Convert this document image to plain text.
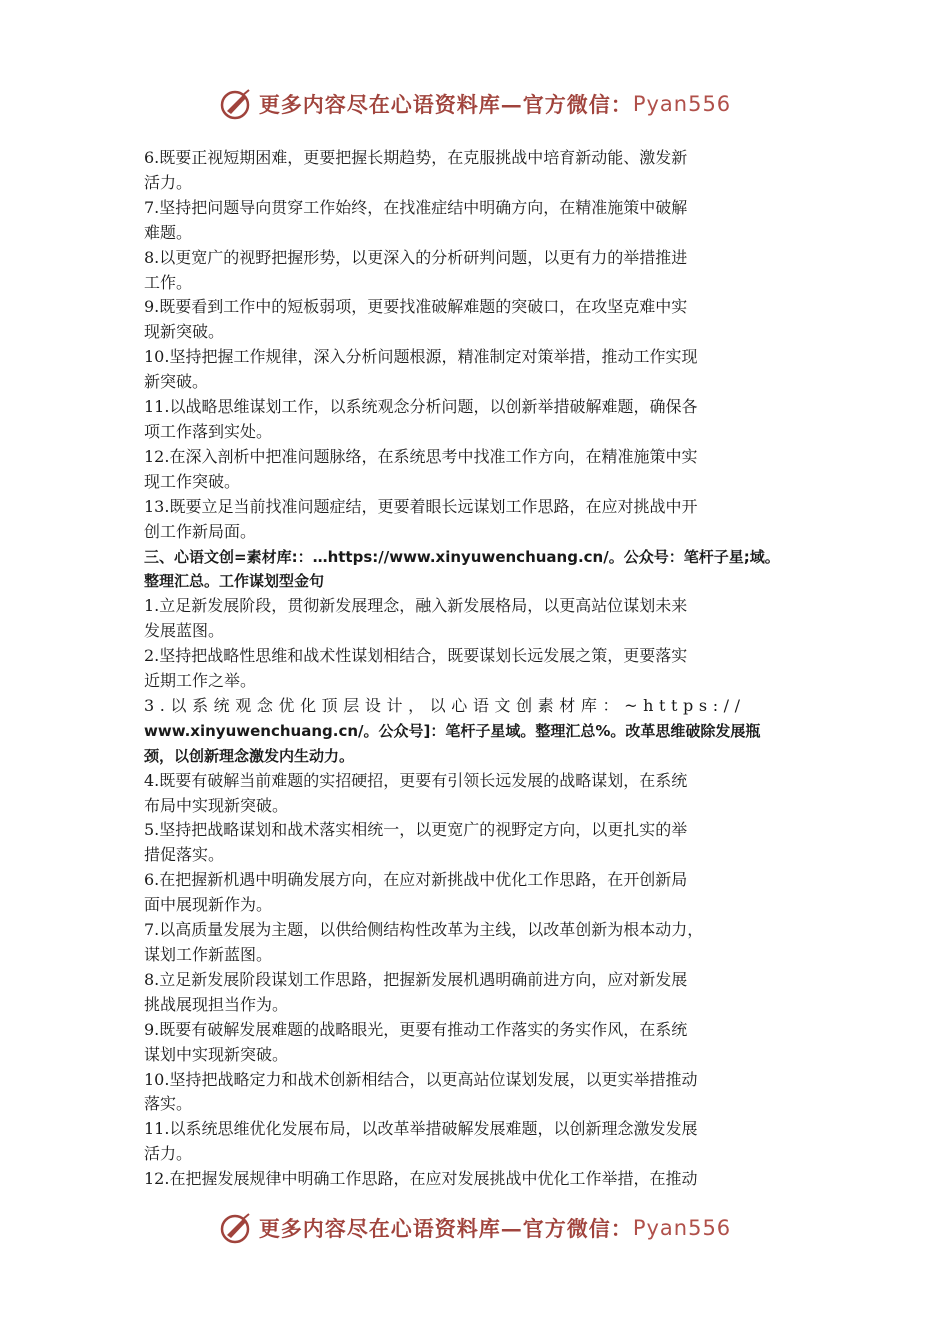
更多内容尽在心语资料库—官方微信： Pyan556
6.既要正视短期困难，更要把握长期趋势，在克服挑战中培育新动能、激发新
活力。
7.坚持把问题导向贯穿工作始终，在找准症结中明确方向，在精准施策中破解
难题。
8.以更宽广的视野把握形势，以更深入的分析研判问题，以更有力的举措推进
工作。
9.既要看到工作中的短板弱项，更要找准破解难题的突破口，在攻坚克难中实
现新突破。
10.坚持把握工作规律，深入分析问题根源，精准制定对策举措，推动工作实现
新突破。
11.以战略思维谋划工作，以系统观念分析问题，以创新举措破解难题，确保各
项工作落到实处。
12.在深入剖析中把准问题脉络，在系统思考中找准工作方向，在精准施策中实
现工作突破。
13.既要立足当前找准问题症结，更要着眼长远谋划工作思路，在应对挑战中开
创工作新局面。
三、心语文创=素材库:：…https://www.xinyuwenchuang.cn/。公众号：笔杆子星;域。
整理汇总。工作谋划型金句
1.立足新发展阶段，贯彻新发展理念，融入新发展格局，以更高站位谋划未来
发展蓝图。
2.坚持把战略性思维和战术性谋划相结合，既要谋划长远发展之策，更要落实
近期工作之举。
3.以系统观念优化顶层设计，以心语文创素材库：~https://
www.xinyuwenchuang.cn/。公众号]：笔杆子星域。整理汇总%。改革思维破除发展瓶
颈，以创新理念激发内生动力。
4.既要有破解当前难题的实招硬招，更要有引领长远发展的战略谋划，在系统
布局中实现新突破。
5.坚持把战略谋划和战术落实相统一，以更宽广的视野定方向，以更扎实的举
措促落实。
6.在把握新机遇中明确发展方向，在应对新挑战中优化工作思路，在开创新局
面中展现新作为。
7.以高质量发展为主题，以供给侧结构性改革为主线，以改革创新为根本动力，
谋划工作新蓝图。
8.立足新发展阶段谋划工作思路，把握新发展机遇明确前进方向，应对新发展
挑战展现担当作为。
9.既要有破解发展难题的战略眼光，更要有推动工作落实的务实作风，在系统
谋划中实现新突破。
10.坚持把战略定力和战术创新相结合，以更高站位谋划发展，以更实举措推动
落实。
11.以系统思维优化发展布局，以改革举措破解发展难题，以创新理念激发发展
活力。
12.在把握发展规律中明确工作思路，在应对发展挑战中优化工作举措，在推动
更多内容尽在心语资料库—官方微信： Pyan556
